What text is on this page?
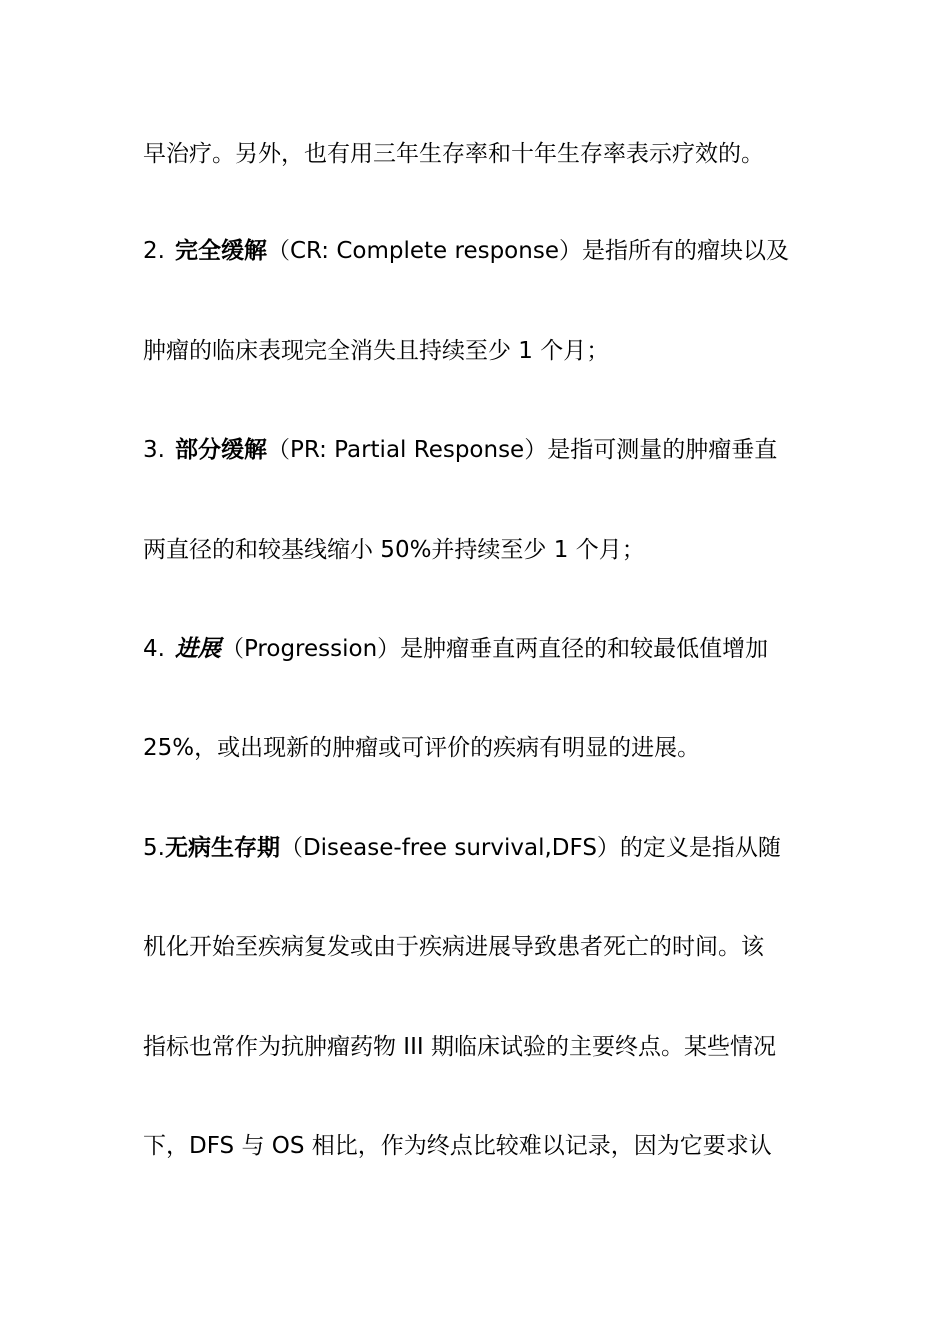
早治疗。另外，也有用三年生存率和十年生存率表示疗效的。
2. 完全缓解（CR: Complete response）是指所有的瘤块以及
肿瘤的临床表现完全消失且持续至少 1 个月；
3. 部分缓解（PR: Partial Response）是指可测量的肿瘤垂直
两直径的和较基线缩小 50%并持续至少 1 个月；
4. 进展（Progression）是肿瘤垂直两直径的和较最低值增加
25%，或出现新的肿瘤或可评价的疾病有明显的进展。
5.无病生存期（Disease-free survival,DFS）的定义是指从随
机化开始至疾病复发或由于疾病进展导致患者死亡的时间。该
指标也常作为抗肿瘤药物 III 期临床试验的主要终点。某些情况
下，DFS 与 OS 相比，作为终点比较难以记录，因为它要求认
